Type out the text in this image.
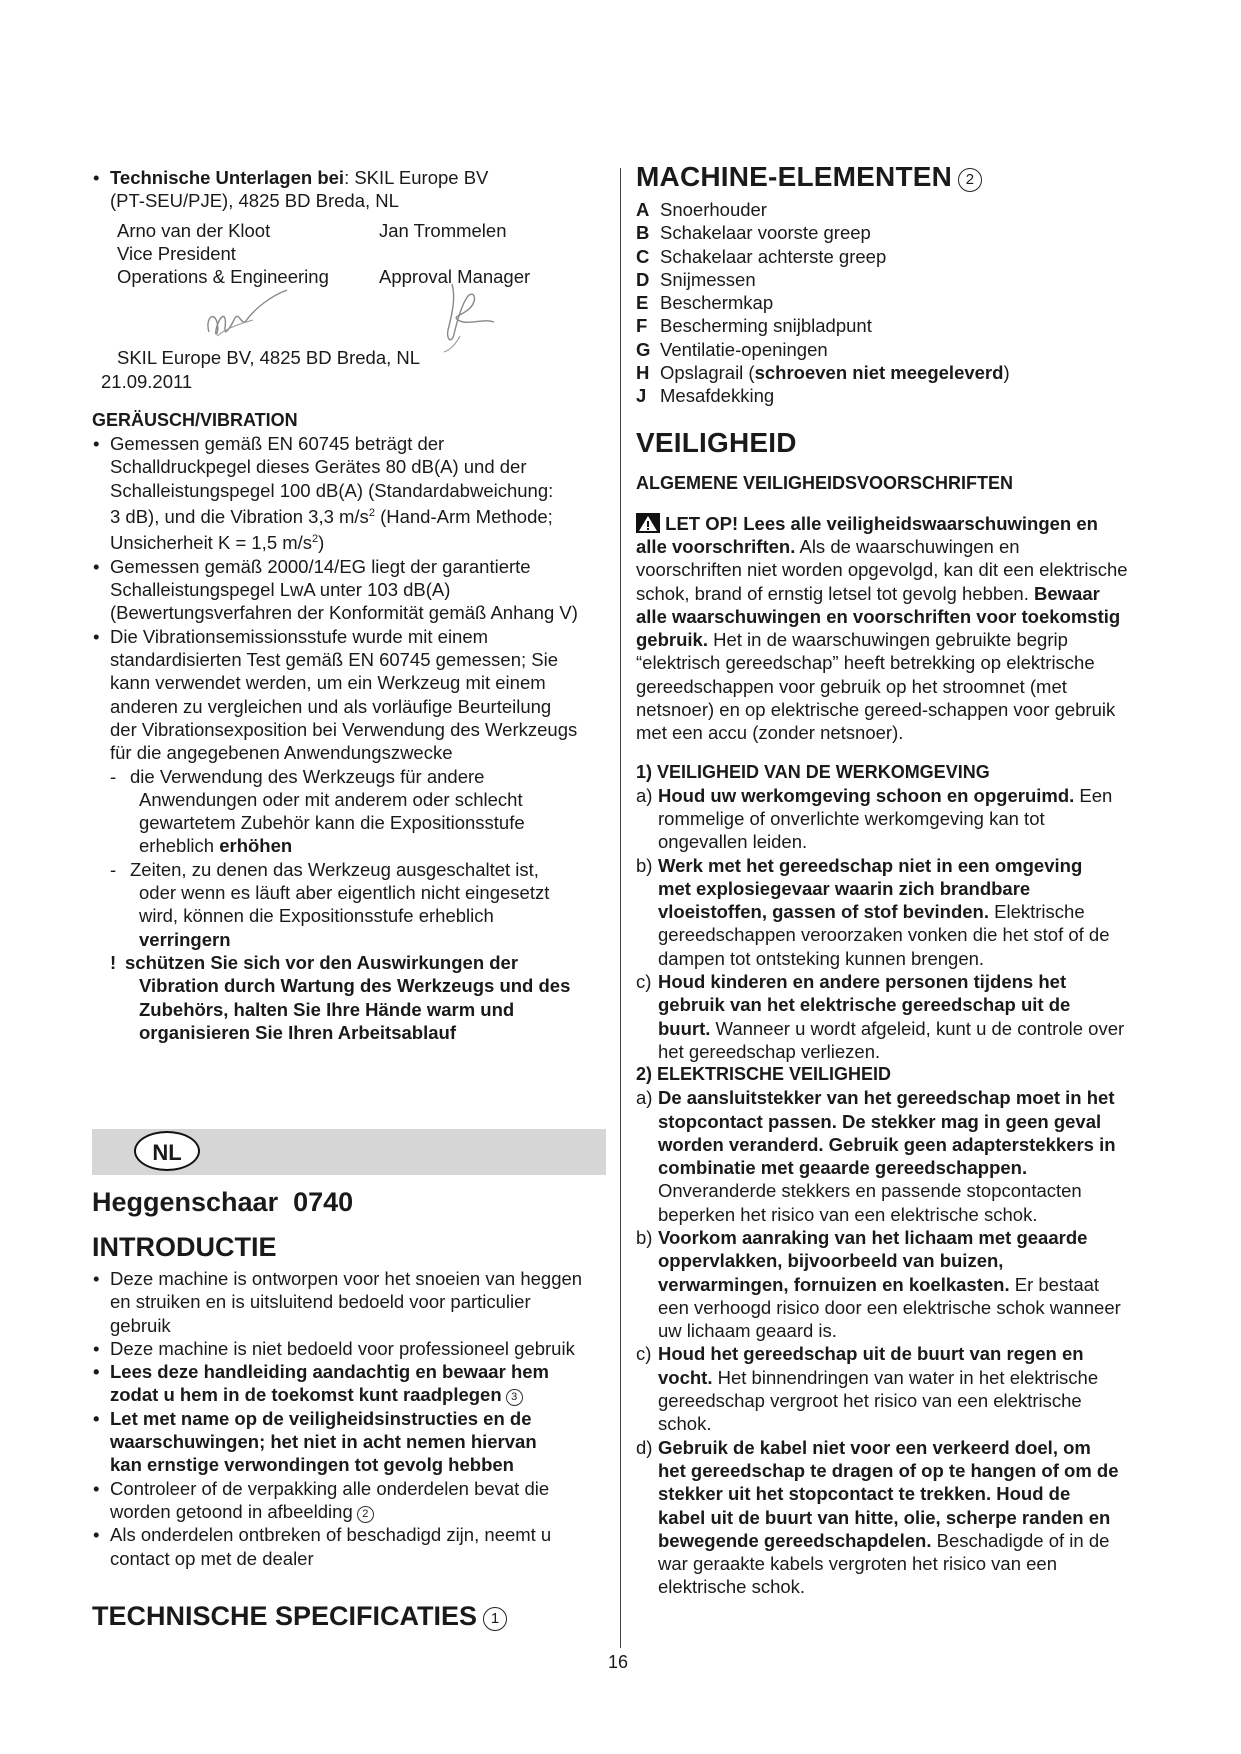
• Technische Unterlagen bei: SKIL Europe BV
(PT-SEU/PJE), 4825 BD Breda, NL
Arno van der Kloot	Jan Trommelen
Vice President
Operations & Engineering	Approval Manager
SKIL Europe BV, 4825 BD Breda, NL
21.09.2011
GERÄUSCH/VIBRATION
• Gemessen gemäß EN 60745 beträgt der
Schalldruckpegel dieses Gerätes 80 dB(A) und der
Schalleistungspegel 100 dB(A) (Standardabweichung:
3 dB), und die Vibration 3,3 $m/s^2$ (Hand-Arm Methode;
Unsicherheit K = 1,5 $m/s^2$)
• Gemessen gemäß 2000/14/EG liegt der garantierte
Schalleistungspegel LwA unter 103 dB(A)
(Bewertungsverfahren der Konformität gemäß Anhang V)
• Die Vibrationsemissionsstufe wurde mit einem
standardisierten Test gemäß EN 60745 gemessen; Sie
kann verwendet werden, um ein Werkzeug mit einem
anderen zu vergleichen und als vorläufige Beurteilung
der Vibrationsexposition bei Verwendung des Werkzeugs
für die angegebenen Anwendungszwecke
- die Verwendung des Werkzeugs für andere
Anwendungen oder mit anderem oder schlecht
gewartetem Zubehör kann die Expositionsstufe
erheblich erhöhen
- Zeiten, zu denen das Werkzeug ausgeschaltet ist,
oder wenn es läuft aber eigentlich nicht eingesetzt
wird, können die Expositionsstufe erheblich
verringern
! schützen Sie sich vor den Auswirkungen der
Vibration durch Wartung des Werkzeugs und des
Zubehörs, halten Sie Ihre Hände warm und
organisieren Sie Ihren Arbeitsablauf
NL
Heggenschaar  0740
INTRODUCTIE
• Deze machine is ontworpen voor het snoeien van heggen
en struiken en is uitsluitend bedoeld voor particulier
gebruik
• Deze machine is niet bedoeld voor professioneel gebruik
• Lees deze handleiding aandachtig en bewaar hem
zodat u hem in de toekomst kunt raadplegen 3
• Let met name op de veiligheidsinstructies en de
waarschuwingen; het niet in acht nemen hiervan
kan ernstige verwondingen tot gevolg hebben
• Controleer of de verpakking alle onderdelen bevat die
worden getoond in afbeelding 2
• Als onderdelen ontbreken of beschadigd zijn, neemt u
contact op met de dealer
TECHNISCHE SPECIFICATIES 1
MACHINE-ELEMENTEN 2
A Snoerhouder
B Schakelaar voorste greep
C Schakelaar achterste greep
D Snijmessen
E Beschermkap
F Bescherming snijbladpunt
G Ventilatie-openingen
H Opslagrail (schroeven niet meegeleverd)
J Mesafdekking
VEILIGHEID
ALGEMENE VEILIGHEIDSVOORSCHRIFTEN
LET OP! Lees alle veiligheidswaarschuwingen en
alle voorschriften. Als de waarschuwingen en
voorschriften niet worden opgevolgd, kan dit een elektrische
schok, brand of ernstig letsel tot gevolg hebben. Bewaar
alle waarschuwingen en voorschriften voor toekomstig
gebruik. Het in de waarschuwingen gebruikte begrip
“elektrisch gereedschap” heeft betrekking op elektrische
gereedschappen voor gebruik op het stroomnet (met
netsnoer) en op elektrische gereed-schappen voor gebruik
met een accu (zonder netsnoer).
1) VEILIGHEID VAN DE WERKOMGEVING
a) Houd uw werkomgeving schoon en opgeruimd. Een
rommelige of onverlichte werkomgeving kan tot
ongevallen leiden.
b) Werk met het gereedschap niet in een omgeving
met explosiegevaar waarin zich brandbare
vloeistoffen, gassen of stof bevinden. Elektrische
gereedschappen veroorzaken vonken die het stof of de
dampen tot ontsteking kunnen brengen.
c) Houd kinderen en andere personen tijdens het
gebruik van het elektrische gereedschap uit de
buurt. Wanneer u wordt afgeleid, kunt u de controle over
het gereedschap verliezen.
2) ELEKTRISCHE VEILIGHEID
a) De aansluitstekker van het gereedschap moet in het
stopcontact passen. De stekker mag in geen geval
worden veranderd. Gebruik geen adapterstekkers in
combinatie met geaarde gereedschappen.
Onveranderde stekkers en passende stopcontacten
beperken het risico van een elektrische schok.
b) Voorkom aanraking van het lichaam met geaarde
oppervlakken, bijvoorbeeld van buizen,
verwarmingen, fornuizen en koelkasten. Er bestaat
een verhoogd risico door een elektrische schok wanneer
uw lichaam geaard is.
c) Houd het gereedschap uit de buurt van regen en
vocht. Het binnendringen van water in het elektrische
gereedschap vergroot het risico van een elektrische
schok.
d) Gebruik de kabel niet voor een verkeerd doel, om
het gereedschap te dragen of op te hangen of om de
stekker uit het stopcontact te trekken. Houd de
kabel uit de buurt van hitte, olie, scherpe randen en
bewegende gereedschapdelen. Beschadigde of in de
war geraakte kabels vergroten het risico van een
elektrische schok.
16
